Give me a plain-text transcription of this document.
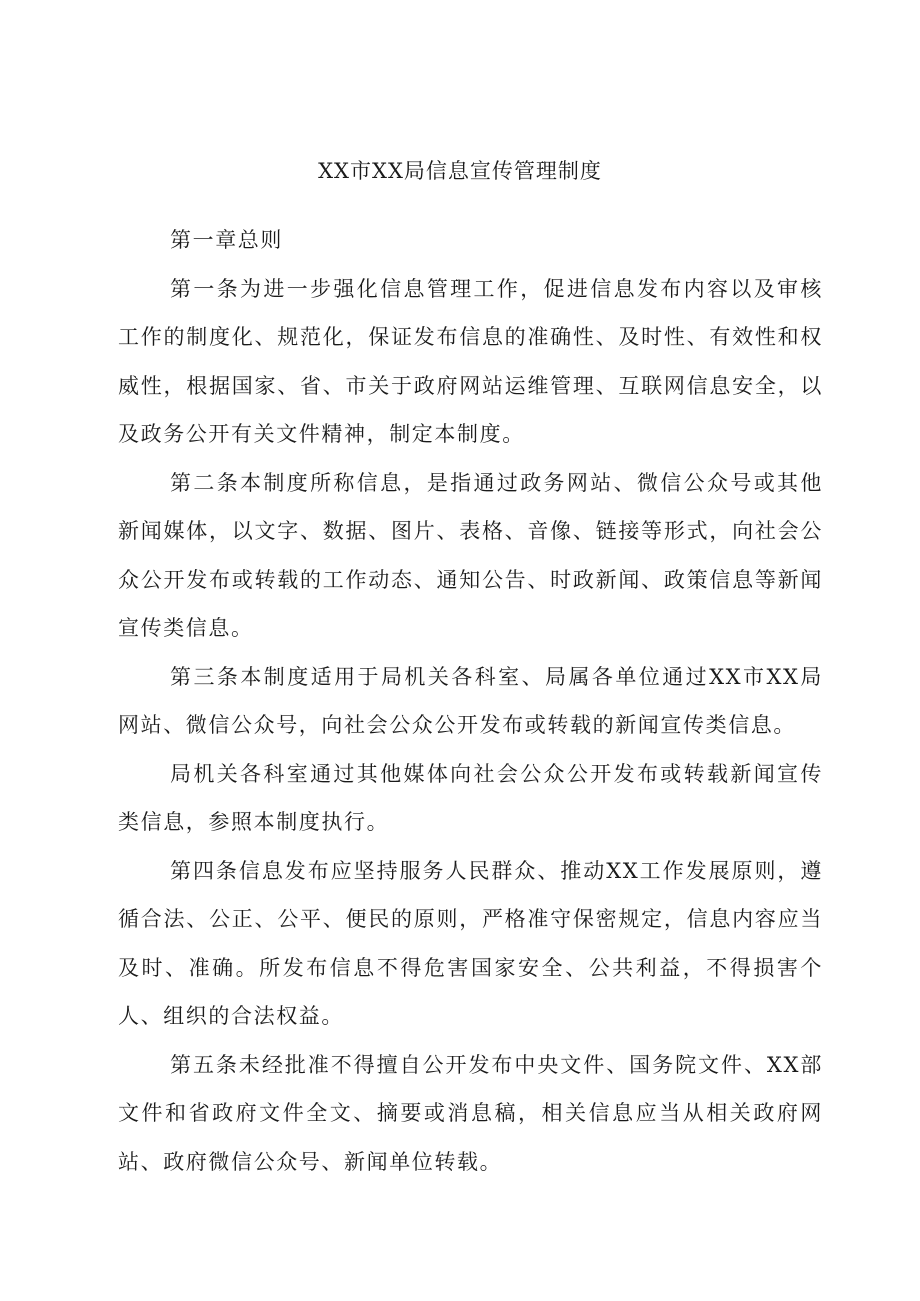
XX市XX局信息宣传管理制度

第一章总则

第一条为进一步强化信息管理工作，促进信息发布内容以及审核工作的制度化、规范化，保证发布信息的准确性、及时性、有效性和权威性，根据国家、省、市关于政府网站运维管理、互联网信息安全，以及政务公开有关文件精神，制定本制度。

第二条本制度所称信息，是指通过政务网站、微信公众号或其他新闻媒体，以文字、数据、图片、表格、音像、链接等形式，向社会公众公开发布或转载的工作动态、通知公告、时政新闻、政策信息等新闻宣传类信息。

第三条本制度适用于局机关各科室、局属各单位通过XX市XX局网站、微信公众号，向社会公众公开发布或转载的新闻宣传类信息。

局机关各科室通过其他媒体向社会公众公开发布或转载新闻宣传类信息，参照本制度执行。

第四条信息发布应坚持服务人民群众、推动XX工作发展原则，遵循合法、公正、公平、便民的原则，严格准守保密规定，信息内容应当及时、准确。所发布信息不得危害国家安全、公共利益，不得损害个人、组织的合法权益。

第五条未经批准不得擅自公开发布中央文件、国务院文件、XX部文件和省政府文件全文、摘要或消息稿，相关信息应当从相关政府网站、政府微信公众号、新闻单位转载。
